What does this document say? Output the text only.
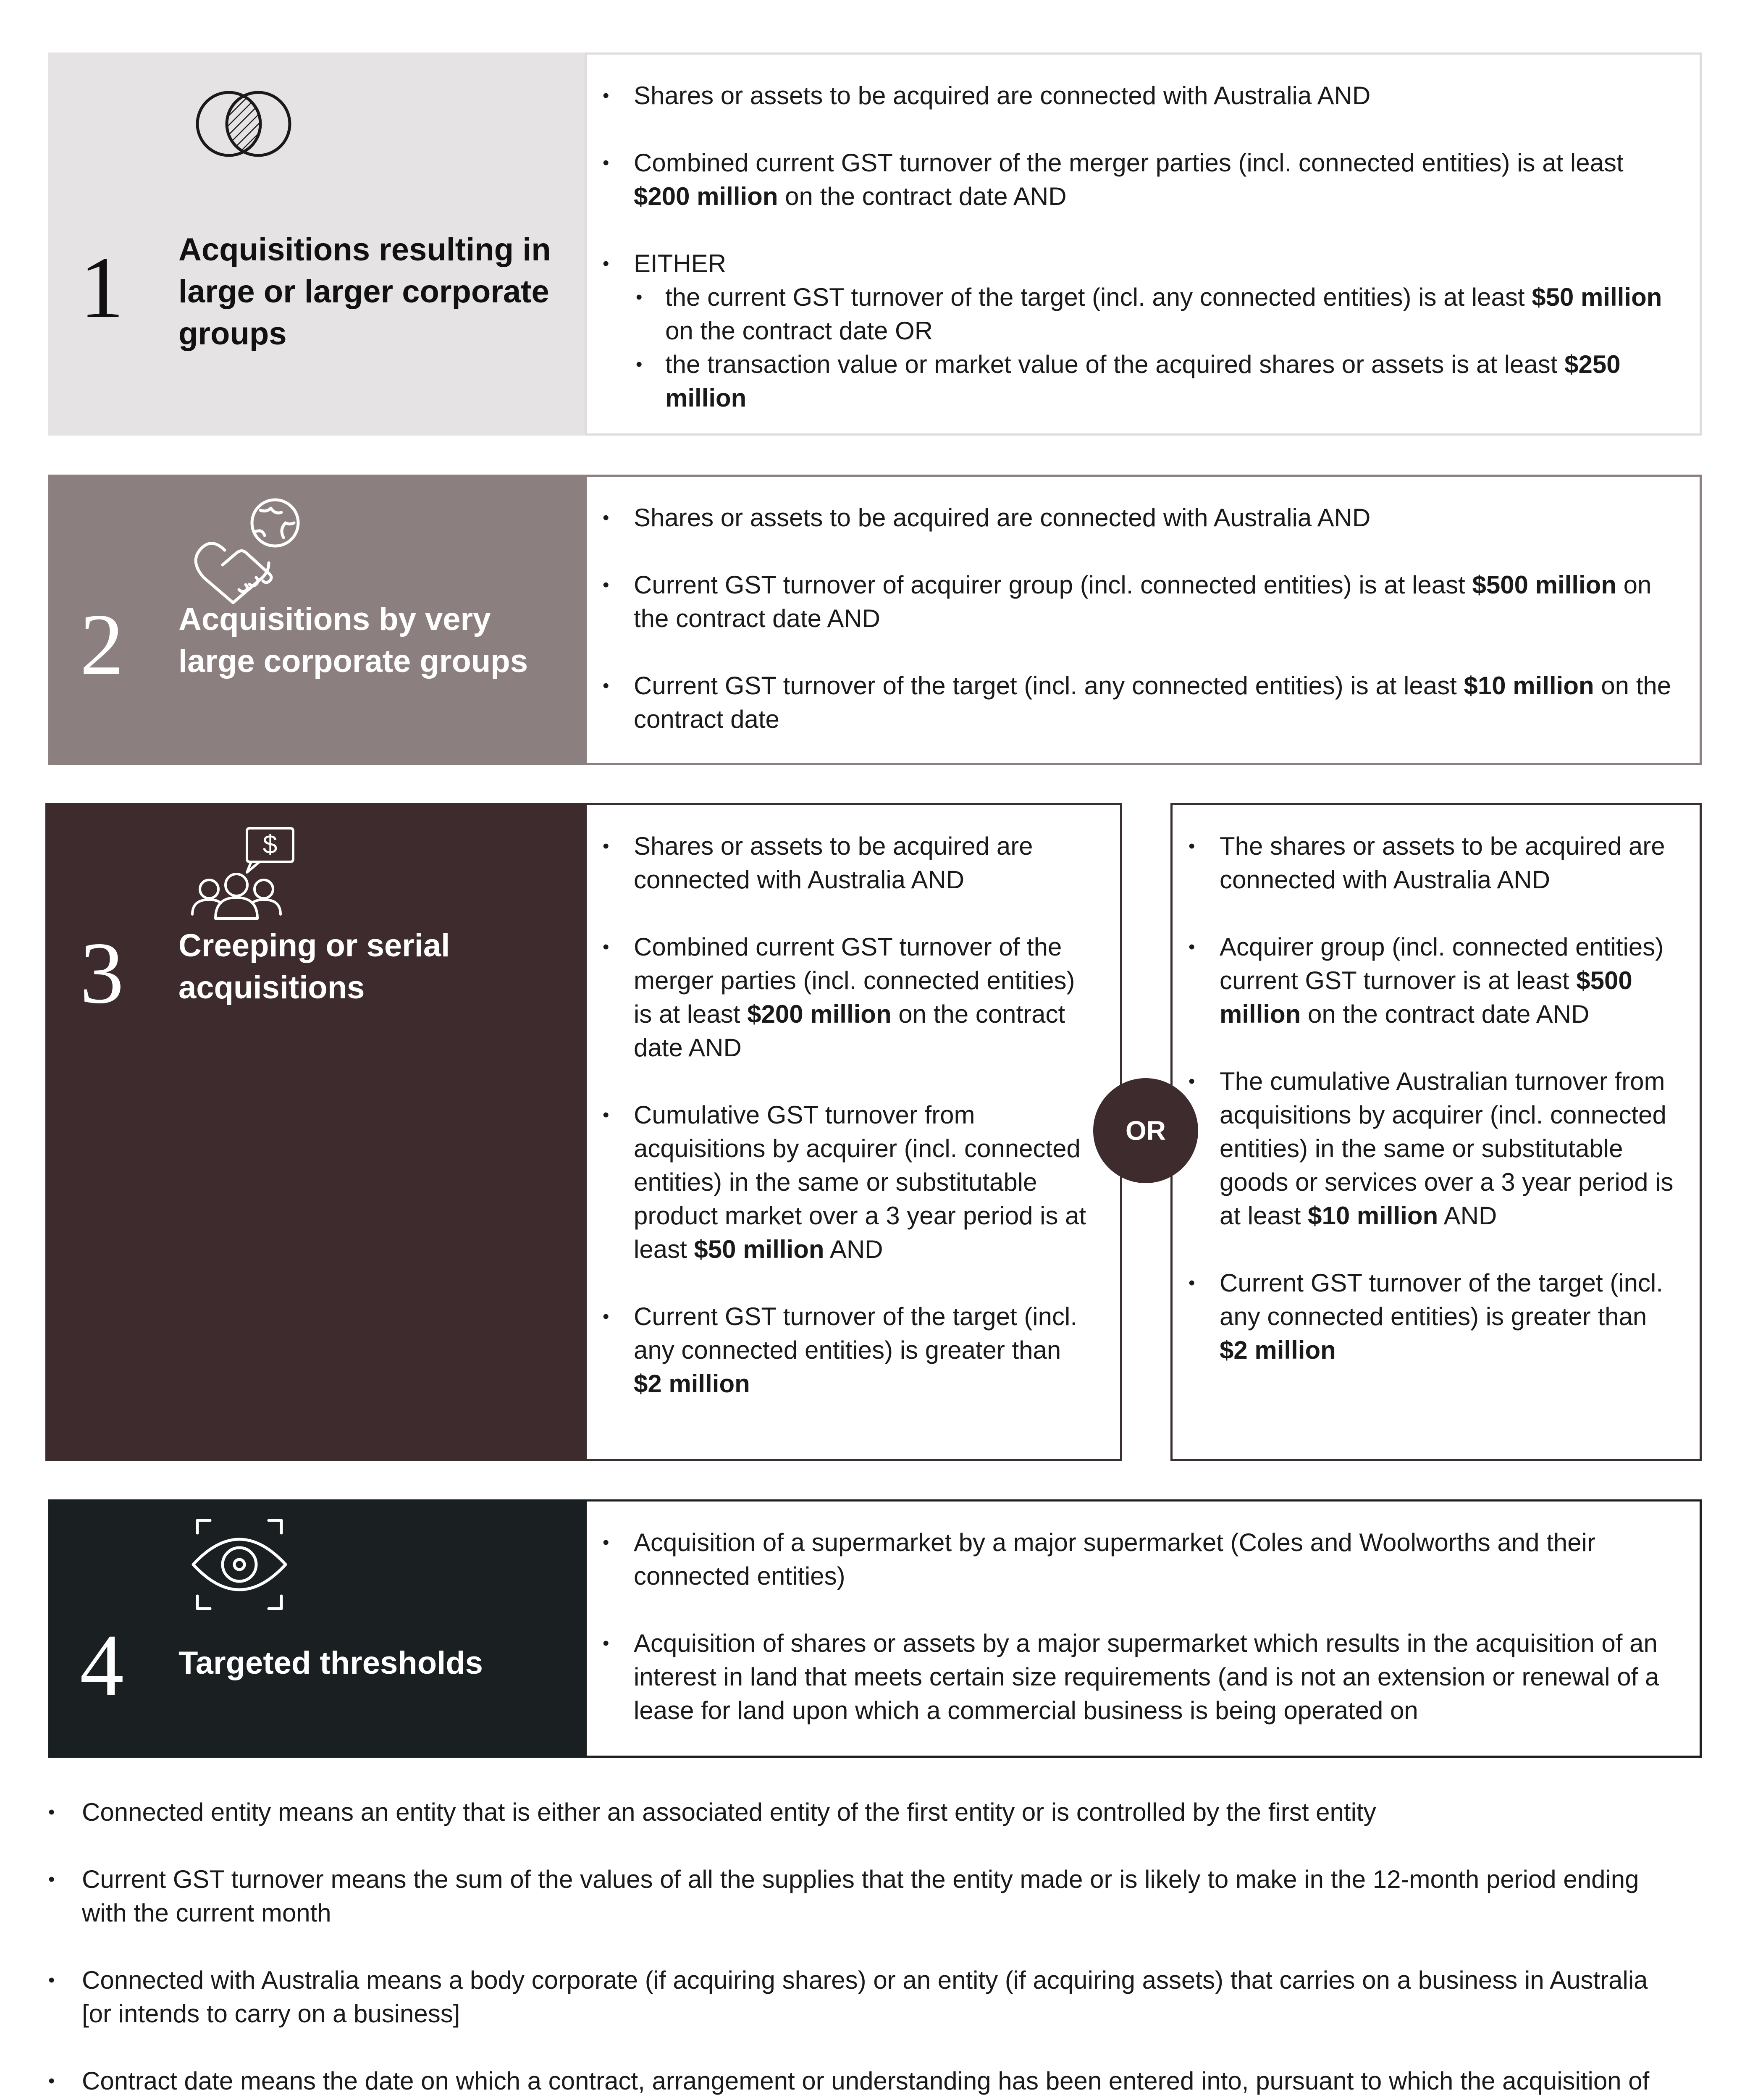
1 Acquisitions resulting in large or larger corporate groups
• Shares or assets to be acquired are connected with Australia AND
• Combined current GST turnover of the merger parties (incl. connected entities) is at least $200 million on the contract date AND
• EITHER
• the current GST turnover of the target (incl. any connected entities) is at least $50 million on the contract date OR
• the transaction value or market value of the acquired shares or assets is at least $250 million
2 Acquisitions by very large corporate groups
• Shares or assets to be acquired are connected with Australia AND
• Current GST turnover of acquirer group (incl. connected entities) is at least $500 million on the contract date AND
• Current GST turnover of the target (incl. any connected entities) is at least $10 million on the contract date
$
3 Creeping or serial acquisitions
• Shares or assets to be acquired are connected with Australia AND
• Combined current GST turnover of the merger parties (incl. connected entities) is at least $200 million on the contract date AND
• Cumulative GST turnover from acquisitions by acquirer (incl. connected entities) in the same or substitutable product market over a 3 year period is at least $50 million AND
• Current GST turnover of the target (incl. any connected entities) is greater than $2 million
• The shares or assets to be acquired are connected with Australia AND
• Acquirer group (incl. connected entities) current GST turnover is at least $500 million on the contract date AND
• The cumulative Australian turnover from acquisitions by acquirer (incl. connected entities) in the same or substitutable goods or services over a 3 year period is at least $10 million AND
• Current GST turnover of the target (incl. any connected entities) is greater than $2 million
OR
4 Targeted thresholds
• Acquisition of a supermarket by a major supermarket (Coles and Woolworths and their connected entities)
• Acquisition of shares or assets by a major supermarket which results in the acquisition of an interest in land that meets certain size requirements (and is not an extension or renewal of a lease for land upon which a commercial business is being operated on
• Connected entity means an entity that is either an associated entity of the first entity or is controlled by the first entity
• Current GST turnover means the sum of the values of all the supplies that the entity made or is likely to make in the 12-month period ending with the current month
• Connected with Australia means a body corporate (if acquiring shares) or an entity (if acquiring assets) that carries on a business in Australia [or intends to carry on a business]
• Contract date means the date on which a contract, arrangement or understanding has been entered into, pursuant to which the acquisition of
